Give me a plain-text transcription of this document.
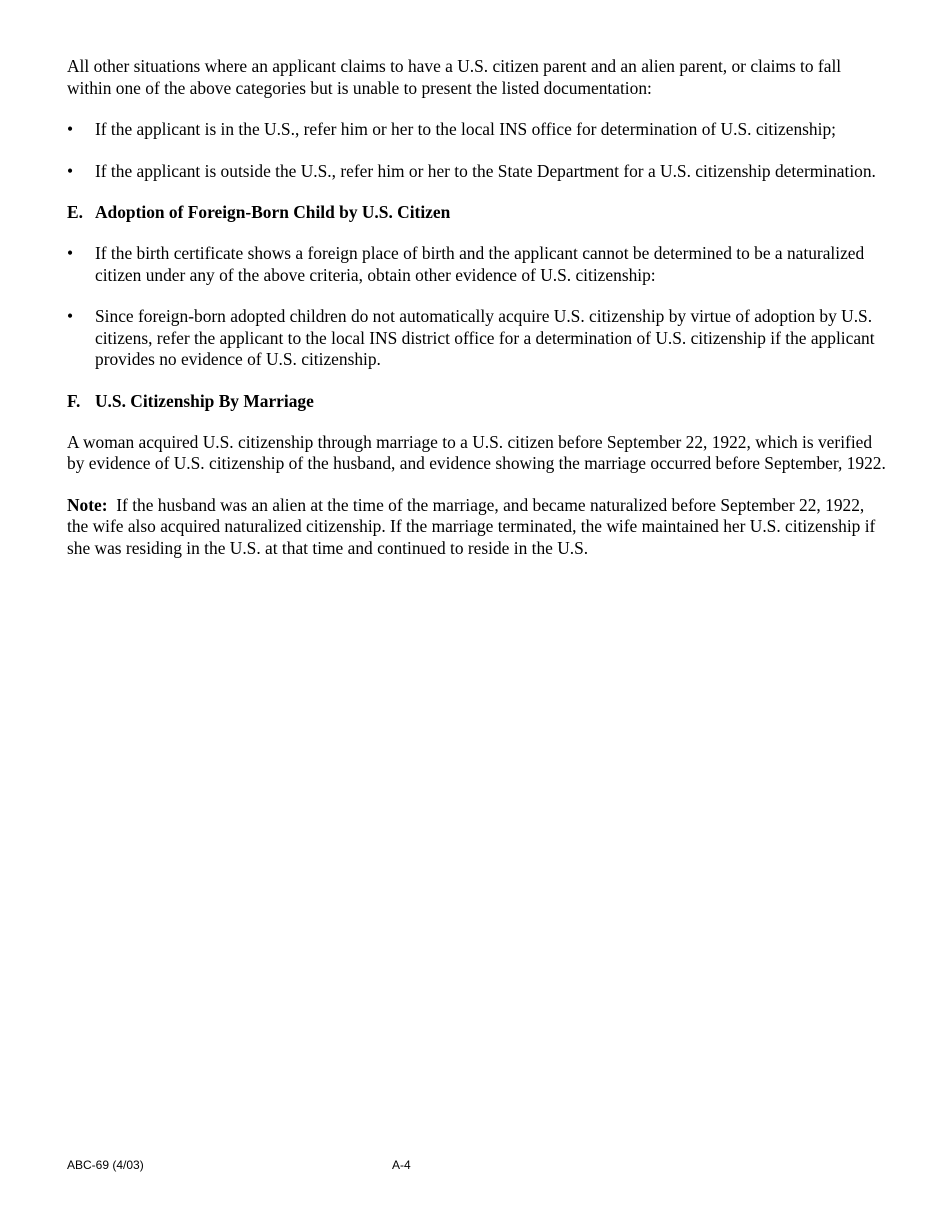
All other situations where an applicant claims to have a U.S. citizen parent and an alien parent, or claims to fall within one of the above categories but is unable to present the listed documentation:

• If the applicant is in the U.S., refer him or her to the local INS office for determination of U.S. citizenship;

• If the applicant is outside the U.S., refer him or her to the State Department for a U.S. citizenship determination.

E. Adoption of Foreign-Born Child by U.S. Citizen
• If the birth certificate shows a foreign place of birth and the applicant cannot be determined to be a naturalized citizen under any of the above criteria, obtain other evidence of U.S. citizenship:

• Since foreign-born adopted children do not automatically acquire U.S. citizenship by virtue of adoption by U.S. citizens, refer the applicant to the local INS district office for a determination of U.S. citizenship if the applicant provides no evidence of U.S. citizenship.

F. U.S. Citizenship By Marriage

A woman acquired U.S. citizenship through marriage to a U.S. citizen before September 22, 1922, which is verified by evidence of U.S. citizenship of the husband, and evidence showing the marriage occurred before September, 1922.

Note: If the husband was an alien at the time of the marriage, and became naturalized before September 22, 1922, the wife also acquired naturalized citizenship. If the marriage terminated, the wife maintained her U.S. citizenship if she was residing in the U.S. at that time and continued to reside in the U.S.

ABC-69 (4/03)	A-4
